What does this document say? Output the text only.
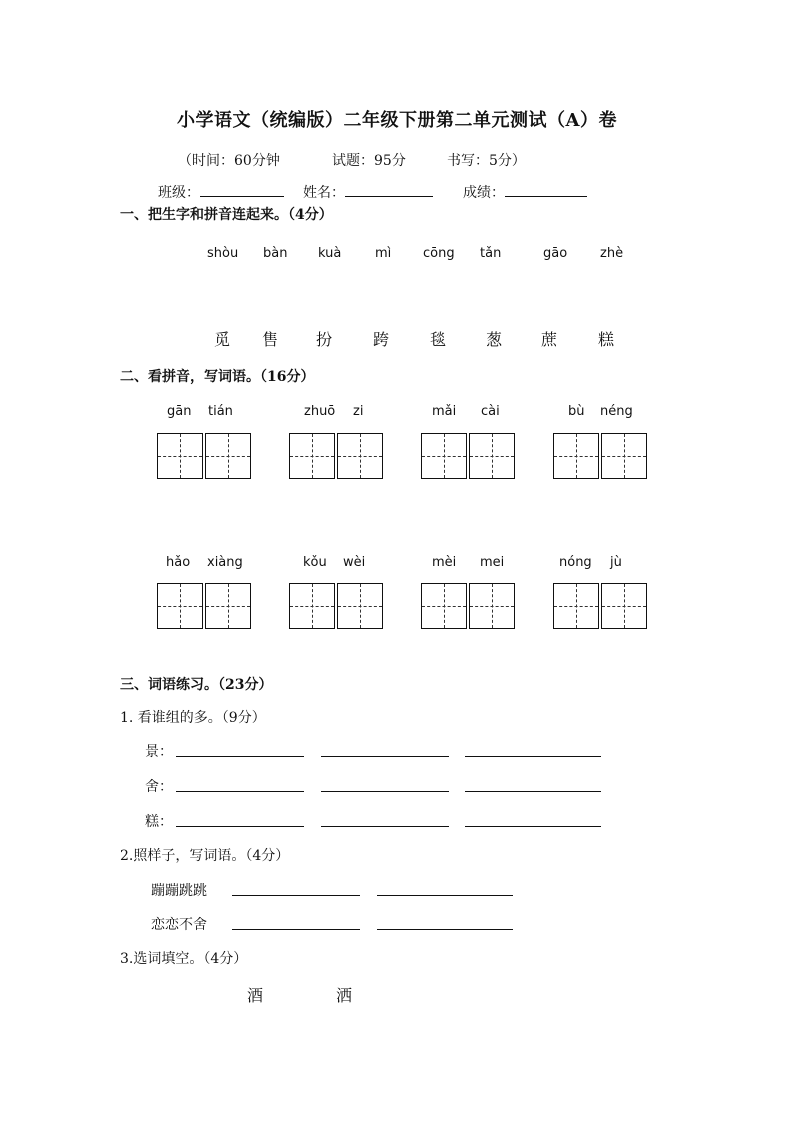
小学语文（统编版）二年级下册第二单元测试（A）卷
（时间：60分钟	试题：95分	书写：5分）
班级：	姓名：	成绩：
一、把生字和拼音连起来。（4分）
shòu bàn kuà	mì cōng tǎn	gāo	zhè
觅 售 扮	跨	毯 葱 蔗	糕
二、看拼音，写词语。（16分）
gān tián	zhuō zi	mǎi cài	bù néng
hǎo xiàng	kǒu wèi	mèi mei	nóng jù
三、词语练习。（23分）
1. 看谁组的多。（9分）
景：
舍：
糕：
2.照样子，写词语。（4分）
蹦蹦跳跳
恋恋不舍
3.选词填空。（4分）
酒	洒
